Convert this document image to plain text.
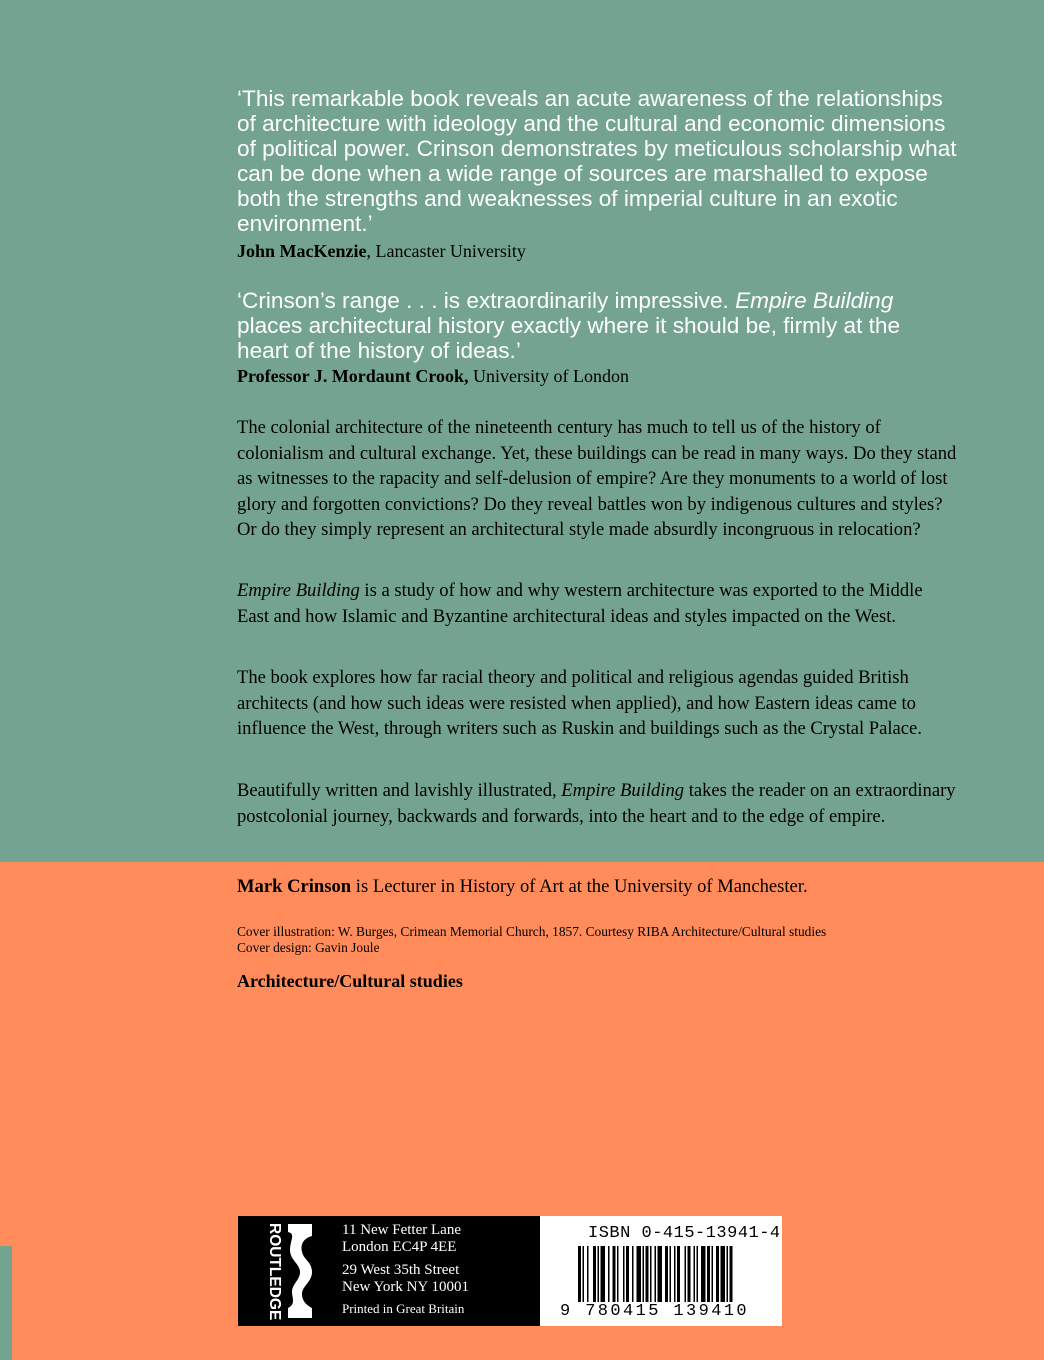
‘This remarkable book reveals an acute awareness of the relationships of architecture with ideology and the cultural and economic dimensions of political power. Crinson demonstrates by meticulous scholarship what can be done when a wide range of sources are marshalled to expose both the strengths and weaknesses of imperial culture in an exotic environment.’

John MacKenzie, Lancaster University

‘Crinson’s range . . . is extraordinarily impressive. Empire Building places architectural history exactly where it should be, firmly at the heart of the history of ideas.’

Professor J. Mordaunt Crook, University of London

The colonial architecture of the nineteenth century has much to tell us of the history of colonialism and cultural exchange. Yet, these buildings can be read in many ways. Do they stand as witnesses to the rapacity and self-delusion of empire? Are they monuments to a world of lost glory and forgotten convictions? Do they reveal battles won by indigenous cultures and styles? Or do they simply represent an architectural style made absurdly incongruous in relocation?

Empire Building is a study of how and why western architecture was exported to the Middle East and how Islamic and Byzantine architectural ideas and styles impacted on the West.

The book explores how far racial theory and political and religious agendas guided British architects (and how such ideas were resisted when applied), and how Eastern ideas came to influence the West, through writers such as Ruskin and buildings such as the Crystal Palace.

Beautifully written and lavishly illustrated, Empire Building takes the reader on an extraordinary postcolonial journey, backwards and forwards, into the heart and to the edge of empire.

Mark Crinson is Lecturer in History of Art at the University of Manchester.
Cover illustration: W. Burges, Crimean Memorial Church, 1857. Courtesy RIBA Architecture/Cultural studies
Cover design: Gavin Joule
Architecture/Cultural studies
ROUTLEDGE	11 New Fetter Lane
London EC4P 4EE
29 West 35th Street
New York NY 10001
Printed in Great Britain
ISBN 0-415-13941-4
9 780415 139410
